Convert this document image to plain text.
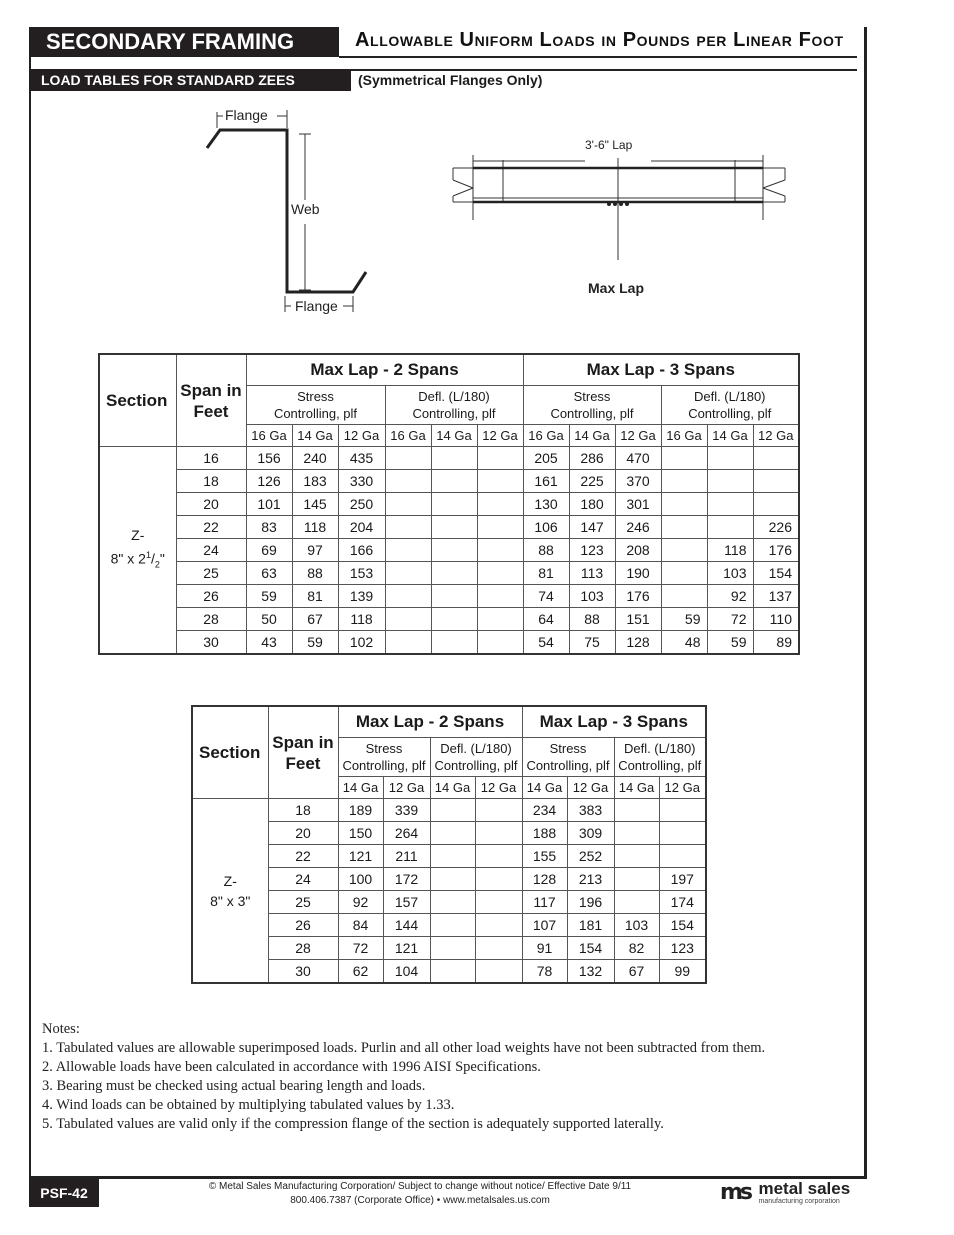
SECONDARY FRAMING	Allowable Uniform Loads in Pounds per Linear Foot
LOAD TABLES FOR STANDARD ZEES	(Symmetrical Flanges Only)
Flange
Web
Flange
3'-6" Lap
Max Lap
Section	Span in
Feet	Max Lap - 2 Spans						Max Lap - 3 Spans					
		Stress
Controlling, plf			Defl. (L/180)
Controlling, plf			Stress
Controlling, plf			Defl. (L/180)
Controlling, plf		
		16 Ga	14 Ga	12 Ga	16 Ga	14 Ga	12 Ga	16 Ga	14 Ga	12 Ga	16 Ga	14 Ga	12 Ga
Z-
8" x $2^1/_2$"	16	156	240	435				205	286	470			
	18	126	183	330				161	225	370			
	20	101	145	250				130	180	301			
	22	83	118	204				106	147	246			226
	24	69	97	166				88	123	208		118	176
	25	63	88	153				81	113	190		103	154
	26	59	81	139				74	103	176		92	137
	28	50	67	118				64	88	151	59	72	110
	30	43	59	102				54	75	128	48	59	89
Section	Span in
Feet	Max Lap - 2 Spans				Max Lap - 3 Spans			
		Stress
Controlling, plf		Defl. (L/180)
Controlling, plf		Stress
Controlling, plf		Defl. (L/180)
Controlling, plf	
		14 Ga	12 Ga	14 Ga	12 Ga	14 Ga	12 Ga	14 Ga	12 Ga
Z-
8" x 3"	18	189	339			234	383		
	20	150	264			188	309		
	22	121	211			155	252		
	24	100	172			128	213		197
	25	92	157			117	196		174
	26	84	144			107	181	103	154
	28	72	121			91	154	82	123
	30	62	104			78	132	67	99
Notes:
1. Tabulated values are allowable superimposed loads. Purlin and all other load weights have not been subtracted from them.
2. Allowable loads have been calculated in accordance with 1996 AISI Specifications.
3. Bearing must be checked using actual bearing length and loads.
4. Wind loads can be obtained by multiplying tabulated values by 1.33.
5. Tabulated values are valid only if the compression flange of the section is adequately supported laterally.
PSF-42	© Metal Sales Manufacturing Corporation/ Subject to change without notice/ Effective Date 9/11
800.406.7387 (Corporate Office) • www.metalsales.us.com	ms metal sales
manufacturing corporation
